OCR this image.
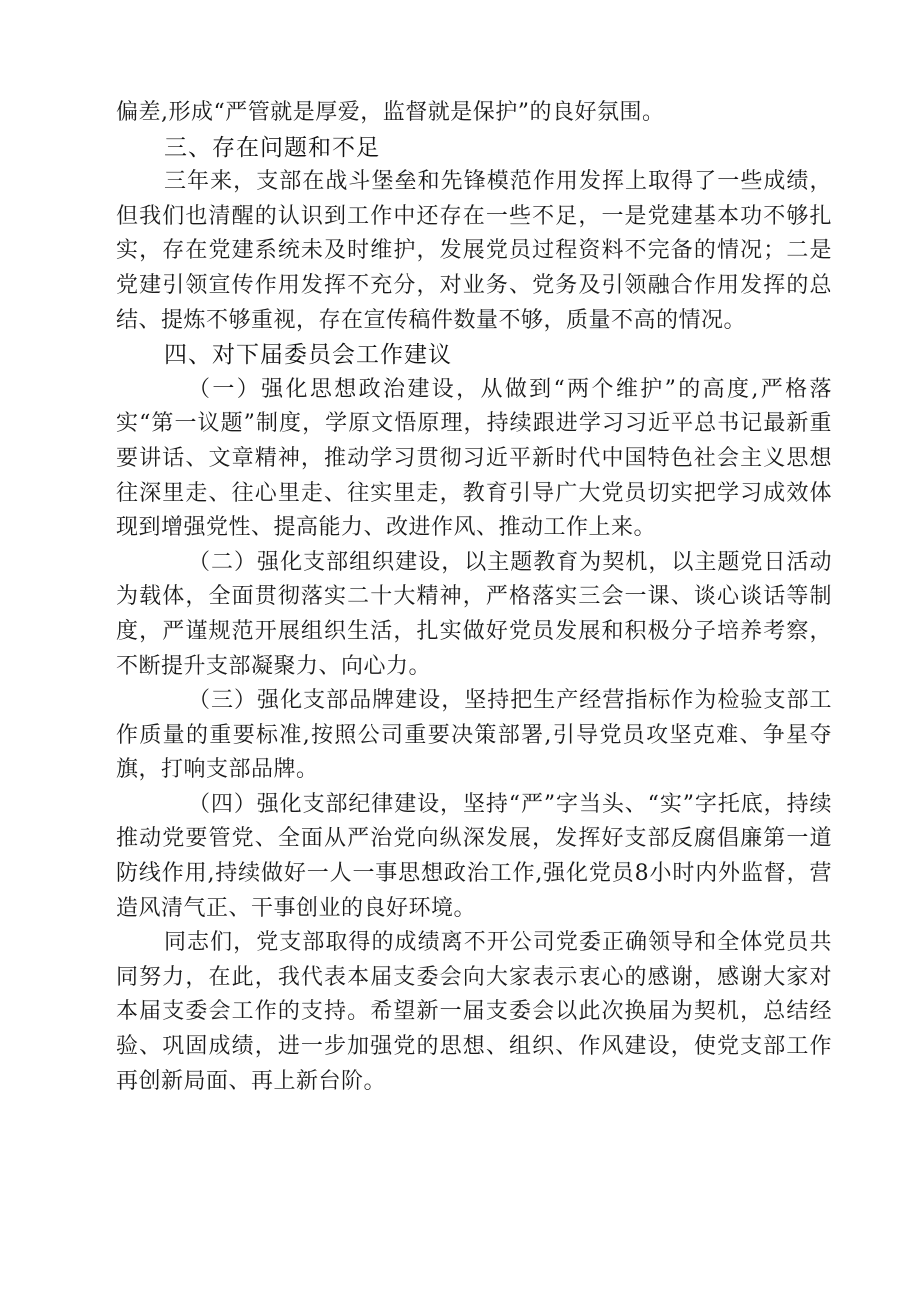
偏差,形成“严管就是厚爱，监督就是保护”的良好氛围。

三、存在问题和不足

三年来，支部在战斗堡垒和先锋模范作用发挥上取得了一些成绩，但我们也清醒的认识到工作中还存在一些不足，一是党建基本功不够扎实，存在党建系统未及时维护，发展党员过程资料不完备的情况；二是党建引领宣传作用发挥不充分，对业务、党务及引领融合作用发挥的总结、提炼不够重视，存在宣传稿件数量不够，质量不高的情况。

四、对下届委员会工作建议

（一）强化思想政治建设，从做到“两个维护”的高度,严格落实“第一议题”制度，学原文悟原理，持续跟进学习习近平总书记最新重要讲话、文章精神，推动学习贯彻习近平新时代中国特色社会主义思想往深里走、往心里走、往实里走，教育引导广大党员切实把学习成效体现到增强党性、提高能力、改进作风、推动工作上来。

（二）强化支部组织建设，以主题教育为契机，以主题党日活动为载体，全面贯彻落实二十大精神，严格落实三会一课、谈心谈话等制度，严谨规范开展组织生活，扎实做好党员发展和积极分子培养考察，不断提升支部凝聚力、向心力。

（三）强化支部品牌建设，坚持把生产经营指标作为检验支部工作质量的重要标准,按照公司重要决策部署,引导党员攻坚克难、争星夺旗，打响支部品牌。

（四）强化支部纪律建设，坚持“严”字当头、“实”字托底，持续推动党要管党、全面从严治党向纵深发展，发挥好支部反腐倡廉第一道防线作用,持续做好一人一事思想政治工作,强化党员8小时内外监督，营造风清气正、干事创业的良好环境。

同志们，党支部取得的成绩离不开公司党委正确领导和全体党员共同努力，在此，我代表本届支委会向大家表示衷心的感谢，感谢大家对本届支委会工作的支持。希望新一届支委会以此次换届为契机，总结经验、巩固成绩，进一步加强党的思想、组织、作风建设，使党支部工作再创新局面、再上新台阶。
